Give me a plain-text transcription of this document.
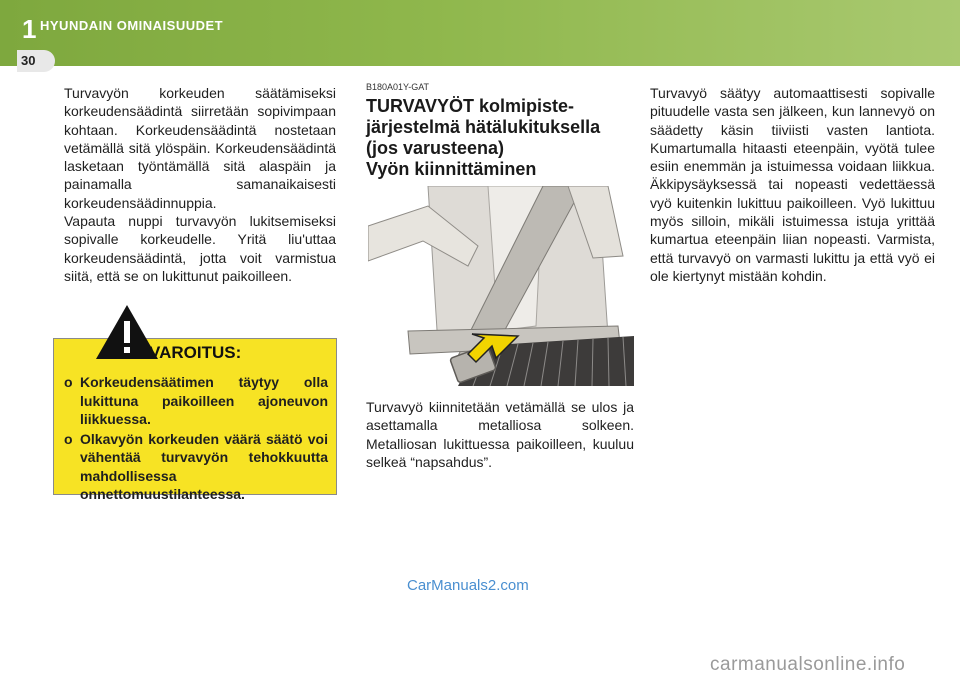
1 HYUNDAIN OMINAISUUDET
30

Turvavyön korkeuden säätämiseksi korkeudensäädintä siirretään sopivimpaan kohtaan. Korkeudensäädintä nostetaan vetämällä sitä ylöspäin. Korkeudensäädintä lasketaan työntämällä sitä alaspäin ja painamalla samanaikaisesti korkeudensäädinnuppia.

Vapauta nuppi turvavyön lukitsemiseksi sopivalle korkeudelle. Yritä liu'uttaa korkeudensäädintä, jotta voit varmistua siitä, että se on lukittunut paikoilleen.

VAROITUS:
o Korkeudensäätimen täytyy olla lukittuna paikoilleen ajoneuvon liikkuessa.
o Olkavyön korkeuden väärä säätö voi vähentää turvavyön tehokkuutta mahdollisessa onnettomuustilanteessa.
B180A01Y-GAT
TURVAVYÖT kolmipiste-
järjestelmä hätälukituksella
(jos varusteena)
Vyön kiinnittäminen
Turvavyö kiinnitetään vetämällä se ulos ja asettamalla metalliosa solkeen. Metalliosan lukittuessa paikoilleen, kuuluu selkeä “napsahdus”.

Turvavyö säätyy automaattisesti sopivalle pituudelle vasta sen jälkeen, kun lannevyö on säädetty käsin tiiviisti vasten lantiota. Kumartumalla hitaasti eteenpäin, vyötä tulee esiin enemmän ja istuimessa voidaan liikkua. Äkkipysäyksessä tai nopeasti vedettäessä vyö kuitenkin lukittuu paikoilleen. Vyö lukittuu myös silloin, mikäli istuimessa istuja yrittää kumartua eteenpäin liian nopeasti. Varmista, että turvavyö on varmasti lukittu ja että vyö ei ole kiertynyt mistään kohdin.

CarManuals2.com
carmanualsonline.info
